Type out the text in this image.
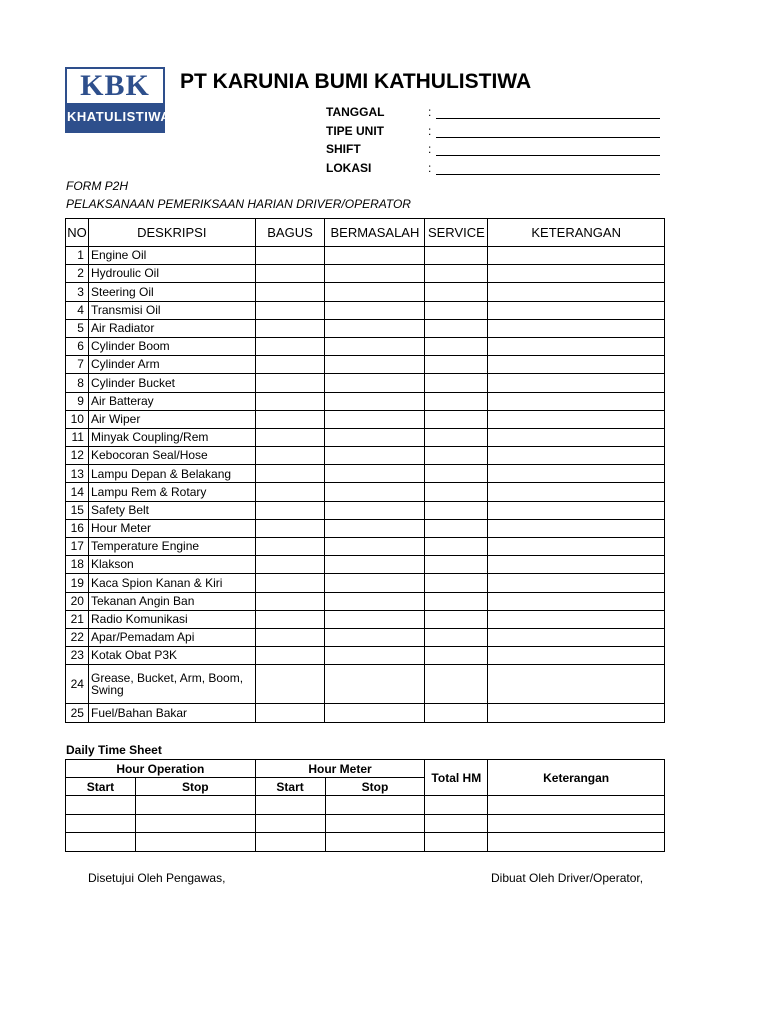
KBK
KHATULISTIWA
PT KARUNIA BUMI KATHULISTIWA
TANGGAL	:
TIPE UNIT	:
SHIFT	:
LOKASI	:
FORM P2H
PELAKSANAAN PEMERIKSAAN HARIAN DRIVER/OPERATOR
NO	DESKRIPSI	BAGUS	BERMASALAH	SERVICE	KETERANGAN
1	Engine Oil				
2	Hydroulic Oil				
3	Steering Oil				
4	Transmisi Oil				
5	Air Radiator				
6	Cylinder Boom				
7	Cylinder Arm				
8	Cylinder Bucket				
9	Air Batteray				
10	Air Wiper				
11	Minyak Coupling/Rem				
12	Kebocoran Seal/Hose				
13	Lampu Depan & Belakang				
14	Lampu Rem & Rotary				
15	Safety Belt				
16	Hour Meter				
17	Temperature Engine				
18	Klakson				
19	Kaca Spion Kanan & Kiri				
20	Tekanan Angin Ban				
21	Radio Komunikasi				
22	Apar/Pemadam Api				
23	Kotak Obat P3K				
24	Grease, Bucket, Arm, Boom, Swing				
25	Fuel/Bahan Bakar				
Daily Time Sheet
Hour Operation		Hour Meter		Total HM	Keterangan
Start	Stop	Start	Stop		

Disetujui Oleh Pengawas,	Dibuat Oleh Driver/Operator,
